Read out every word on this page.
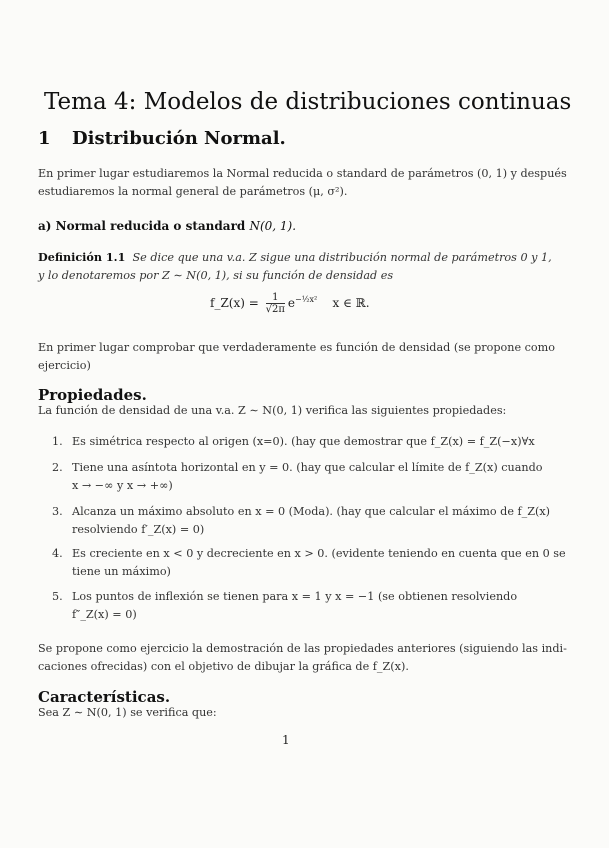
Tema 4: Modelos de distribuciones continuas
1 Distribución Normal.
En primer lugar estudiaremos la Normal reducida o standard de parámetros (0, 1) y después
estudiaremos la normal general de parámetros (μ, σ²).
a) Normal reducida o standard N(0, 1).
Definición 1.1 Se dice que una v.a. Z sigue una distribución normal de parámetros 0 y 1,
y lo denotaremos por Z ∼ N(0, 1), si su función de densidad es
f_Z(x) = $\frac{1}{√2\pi} e^{-\frac{1}{2}x^2}$ x ∈ ℝ.
En primer lugar comprobar que verdaderamente es función de densidad (se propone como
ejercicio)
Propiedades.
La función de densidad de una v.a. Z ∼ N(0, 1) verifica las siguientes propiedades:
1. Es simétrica respecto al origen (x=0). (hay que demostrar que f_Z(x) = f_Z(−x)∀x
2. Tiene una asíntota horizontal en y = 0. (hay que calcular el límite de f_Z(x) cuando
x → −∞ y x → +∞)
3. Alcanza un máximo absoluto en x = 0 (Moda). (hay que calcular el máximo de f_Z(x)
resolviendo f′_Z(x) = 0)
4. Es creciente en x < 0 y decreciente en x > 0. (evidente teniendo en cuenta que en 0 se
tiene un máximo)
5. Los puntos de inflexión se tienen para x = 1 y x = −1 (se obtienen resolviendo
f″_Z(x) = 0)
Se propone como ejercicio la demostración de las propiedades anteriores (siguiendo las indi-
caciones ofrecidas) con el objetivo de dibujar la gráfica de f_Z(x).
Características.
Sea Z ∼ N(0, 1) se verifica que:
1
